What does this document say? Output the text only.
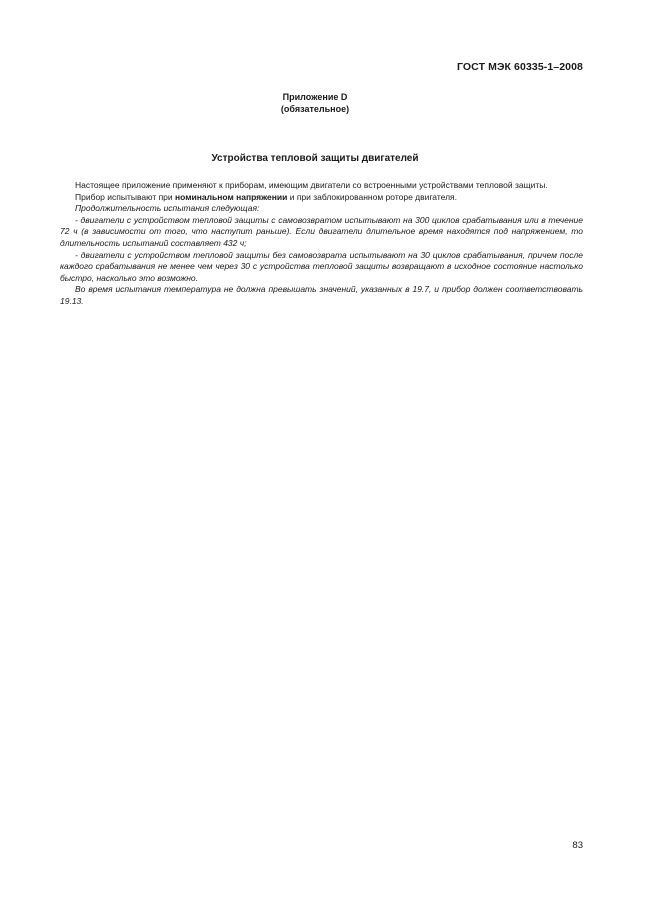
ГОСТ МЭК 60335-1–2008
Приложение D
(обязательное)
Устройства тепловой защиты двигателей

Настоящее приложение применяют к приборам, имеющим двигатели со встроенными устройствами тепловой защиты.

Прибор испытывают при номинальном напряжении и при заблокированном роторе двигателя.

Продолжительность испытания следующая:

- двигатели с устройством тепловой защиты с самовозвратом испытывают на 300 циклов срабатывания или в течение 72 ч (в зависимости от того, что наступит раньше). Если двигатели длительное время находятся под напряжением, то длительность испытаний составляет 432 ч;

- двигатели с устройством тепловой защиты без самовозврата испытывают на 30 циклов срабатывания, причем после каждого срабатывания не менее чем через 30 с устройства тепловой защиты возвращают в исходное состояние настолько быстро, насколько это возможно.

Во время испытания температура не должна превышать значений, указанных в 19.7, и прибор должен соответствовать 19.13.

83
